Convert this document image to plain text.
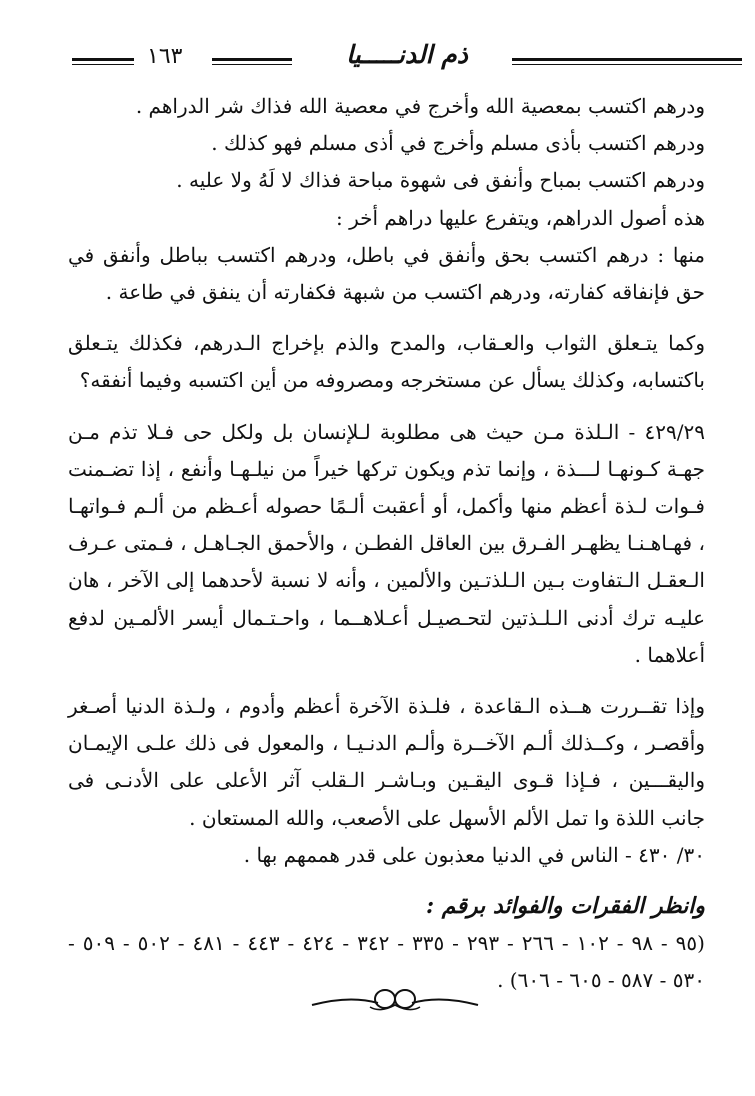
١٦٣	ذم الدنـــــيا

ودرهم اكتسب بمعصية الله وأخرج في معصية الله فذاك شر الدراهم .

ودرهم اكتسب بأذى مسلم وأخرج في أذى مسلم فهو كذلك .

ودرهم اكتسب بمباح وأنفق فى شهوة مباحة فذاك لا لَهُ ولا عليه .

هذه أصول الدراهم، ويتفرع عليها دراهم أخر :

منها : درهم اكتسب بحق وأنفق في باطل، ودرهم اكتسب بباطل وأنفق في حق فإنفاقه كفارته، ودرهم اكتسب من شبهة فكفارته أن ينفق في طاعة .

وكما يتـعلق الثواب والعـقاب، والمدح والذم بإخراج الـدرهم، فكذلك يتـعلق باكتسابه، وكذلك يسأل عن مستخرجه ومصروفه من أين اكتسبه وفيما أنفقه؟

٤٢٩/٢٩ - الـلذة مـن حيث هى مطلوبة لـلإنسان بل ولكل حى فـلا تذم مـن جهـة كـونهـا لـــذة ، وإنما تذم ويكون تركها خيراً من نيلـهـا وأنفع ، إذا تضـمنت فـوات لـذة أعظم منها وأكمل، أو أعقبت ألـمًا حصوله أعـظم من ألـم فـواتهـا ، فهـاهـنـا يظهـر الفـرق بين العاقل الفطـن ، والأحمق الجـاهـل ، فـمتى عـرف الـعقـل الـتفاوت بـين الـلذتـين والألمين ، وأنه لا نسبة لأحدهما إلى الآخر ، هان عليـه ترك أدنى الـلـذتين لتحـصيـل أعـلاهــما ، واحـتـمال أيسر الألمـين لدفع أعلاهما .

وإذا تقــررت هــذه الـقاعدة ، فلـذة الآخرة أعظم وأدوم ، ولـذة الدنيا أصـغر وأقصـر ، وكــذلك ألـم الآخــرة وألـم الدنـيـا ، والمعول فى ذلك علـى الإيمـان واليقـــين ، فـإذا قـوى اليقـين وبـاشـر الـقلب آثر الأعلى على الأدنـى فى جانب اللذة وا تمل الألم الأسهل على الأصعب، والله المستعان .

٣٠/ ٤٣٠ - الناس في الدنيا معذبون على قدر هممهم بها .

وانظر الفقرات والفوائد برقم :

(٩٥ - ٩٨ - ١٠٢ - ٢٦٦ - ٢٩٣ - ٣٣٥ - ٣٤٢ - ٤٢٤ - ٤٤٣ - ٤٨١ - ٥٠٢ - ٥٠٩ - ٥٣٠ - ٥٨٧ - ٦٠٥ - ٦٠٦) .
